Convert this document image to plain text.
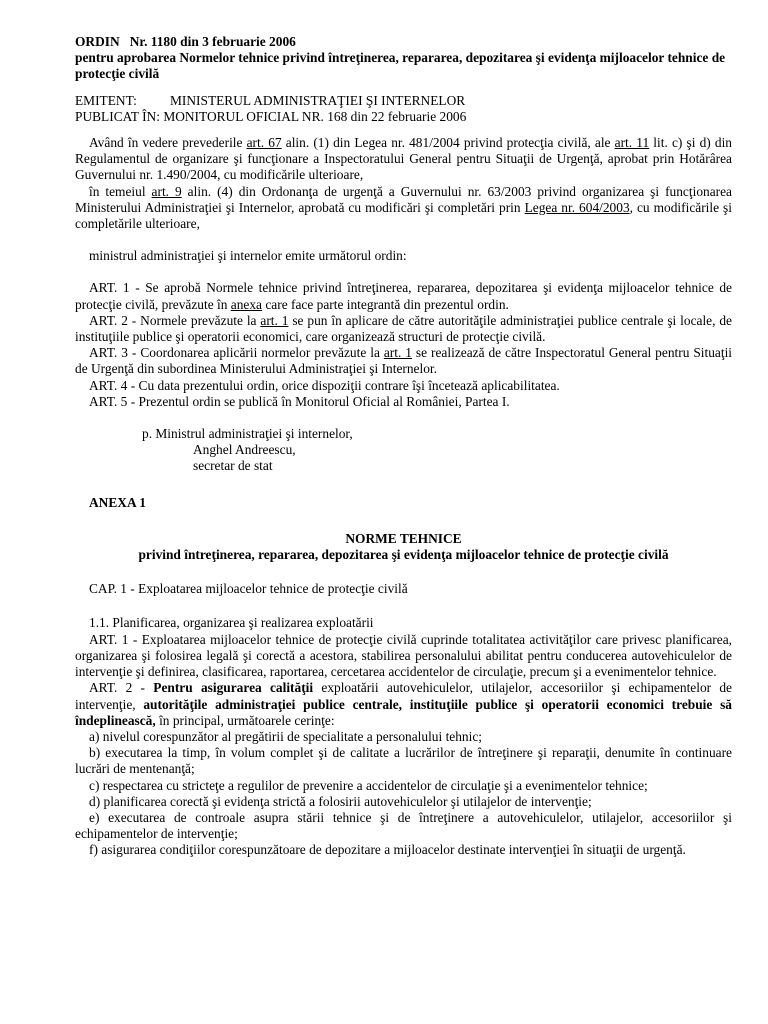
ORDIN Nr. 1180 din 3 februarie 2006

pentru aprobarea Normelor tehnice privind întreţinerea, repararea, depozitarea şi evidenţa mijloacelor tehnice de protecţie civilă

EMITENT: MINISTERUL ADMINISTRAŢIEI ŞI INTERNELOR

PUBLICAT ÎN: MONITORUL OFICIAL NR. 168 din 22 februarie 2006

Având în vedere prevederile art. 67 alin. (1) din Legea nr. 481/2004 privind protecţia civilă, ale art. 11 lit. c) şi d) din Regulamentul de organizare şi funcţionare a Inspectoratului General pentru Situaţii de Urgenţă, aprobat prin Hotărârea Guvernului nr. 1.490/2004, cu modificările ulterioare,

în temeiul art. 9 alin. (4) din Ordonanţa de urgenţă a Guvernului nr. 63/2003 privind organizarea şi funcţionarea Ministerului Administraţiei şi Internelor, aprobată cu modificări şi completări prin Legea nr. 604/2003, cu modificările şi completările ulterioare,

ministrul administraţiei şi internelor emite următorul ordin:

ART. 1 - Se aprobă Normele tehnice privind întreţinerea, repararea, depozitarea şi evidenţa mijloacelor tehnice de protecţie civilă, prevăzute în anexa care face parte integrantă din prezentul ordin.

ART. 2 - Normele prevăzute la art. 1 se pun în aplicare de către autorităţile administraţiei publice centrale şi locale, de instituţiile publice şi operatorii economici, care organizează structuri de protecţie civilă.

ART. 3 - Coordonarea aplicării normelor prevăzute la art. 1 se realizează de către Inspectoratul General pentru Situaţii de Urgenţă din subordinea Ministerului Administraţiei şi Internelor.

ART. 4 - Cu data prezentului ordin, orice dispoziţii contrare îşi încetează aplicabilitatea.

ART. 5 - Prezentul ordin se publică în Monitorul Oficial al României, Partea I.

p. Ministrul administraţiei şi internelor,

Anghel Andreescu,

secretar de stat

ANEXA 1

NORME TEHNICE

privind întreţinerea, repararea, depozitarea şi evidenţa mijloacelor tehnice de protecţie civilă

CAP. 1 - Exploatarea mijloacelor tehnice de protecţie civilă

1.1. Planificarea, organizarea şi realizarea exploatării

ART. 1 - Exploatarea mijloacelor tehnice de protecţie civilă cuprinde totalitatea activităţilor care privesc planificarea, organizarea şi folosirea legală şi corectă a acestora, stabilirea personalului abilitat pentru conducerea autovehiculelor de intervenţie şi definirea, clasificarea, raportarea, cercetarea accidentelor de circulaţie, precum şi a evenimentelor tehnice.

ART. 2 - Pentru asigurarea calităţii exploatării autovehiculelor, utilajelor, accesoriilor şi echipamentelor de intervenţie, autorităţile administraţiei publice centrale, instituţiile publice şi operatorii economici trebuie să îndeplinească, în principal, următoarele cerinţe:

a) nivelul corespunzător al pregătirii de specialitate a personalului tehnic;

b) executarea la timp, în volum complet şi de calitate a lucrărilor de întreţinere şi reparaţii, denumite în continuare lucrări de mentenanţă;

c) respectarea cu stricteţe a regulilor de prevenire a accidentelor de circulaţie şi a evenimentelor tehnice;

d) planificarea corectă şi evidenţa strictă a folosirii autovehiculelor şi utilajelor de intervenţie;

e) executarea de controale asupra stării tehnice şi de întreţinere a autovehiculelor, utilajelor, accesoriilor şi echipamentelor de intervenţie;

f) asigurarea condiţiilor corespunzătoare de depozitare a mijloacelor destinate intervenţiei în situaţii de urgenţă.
